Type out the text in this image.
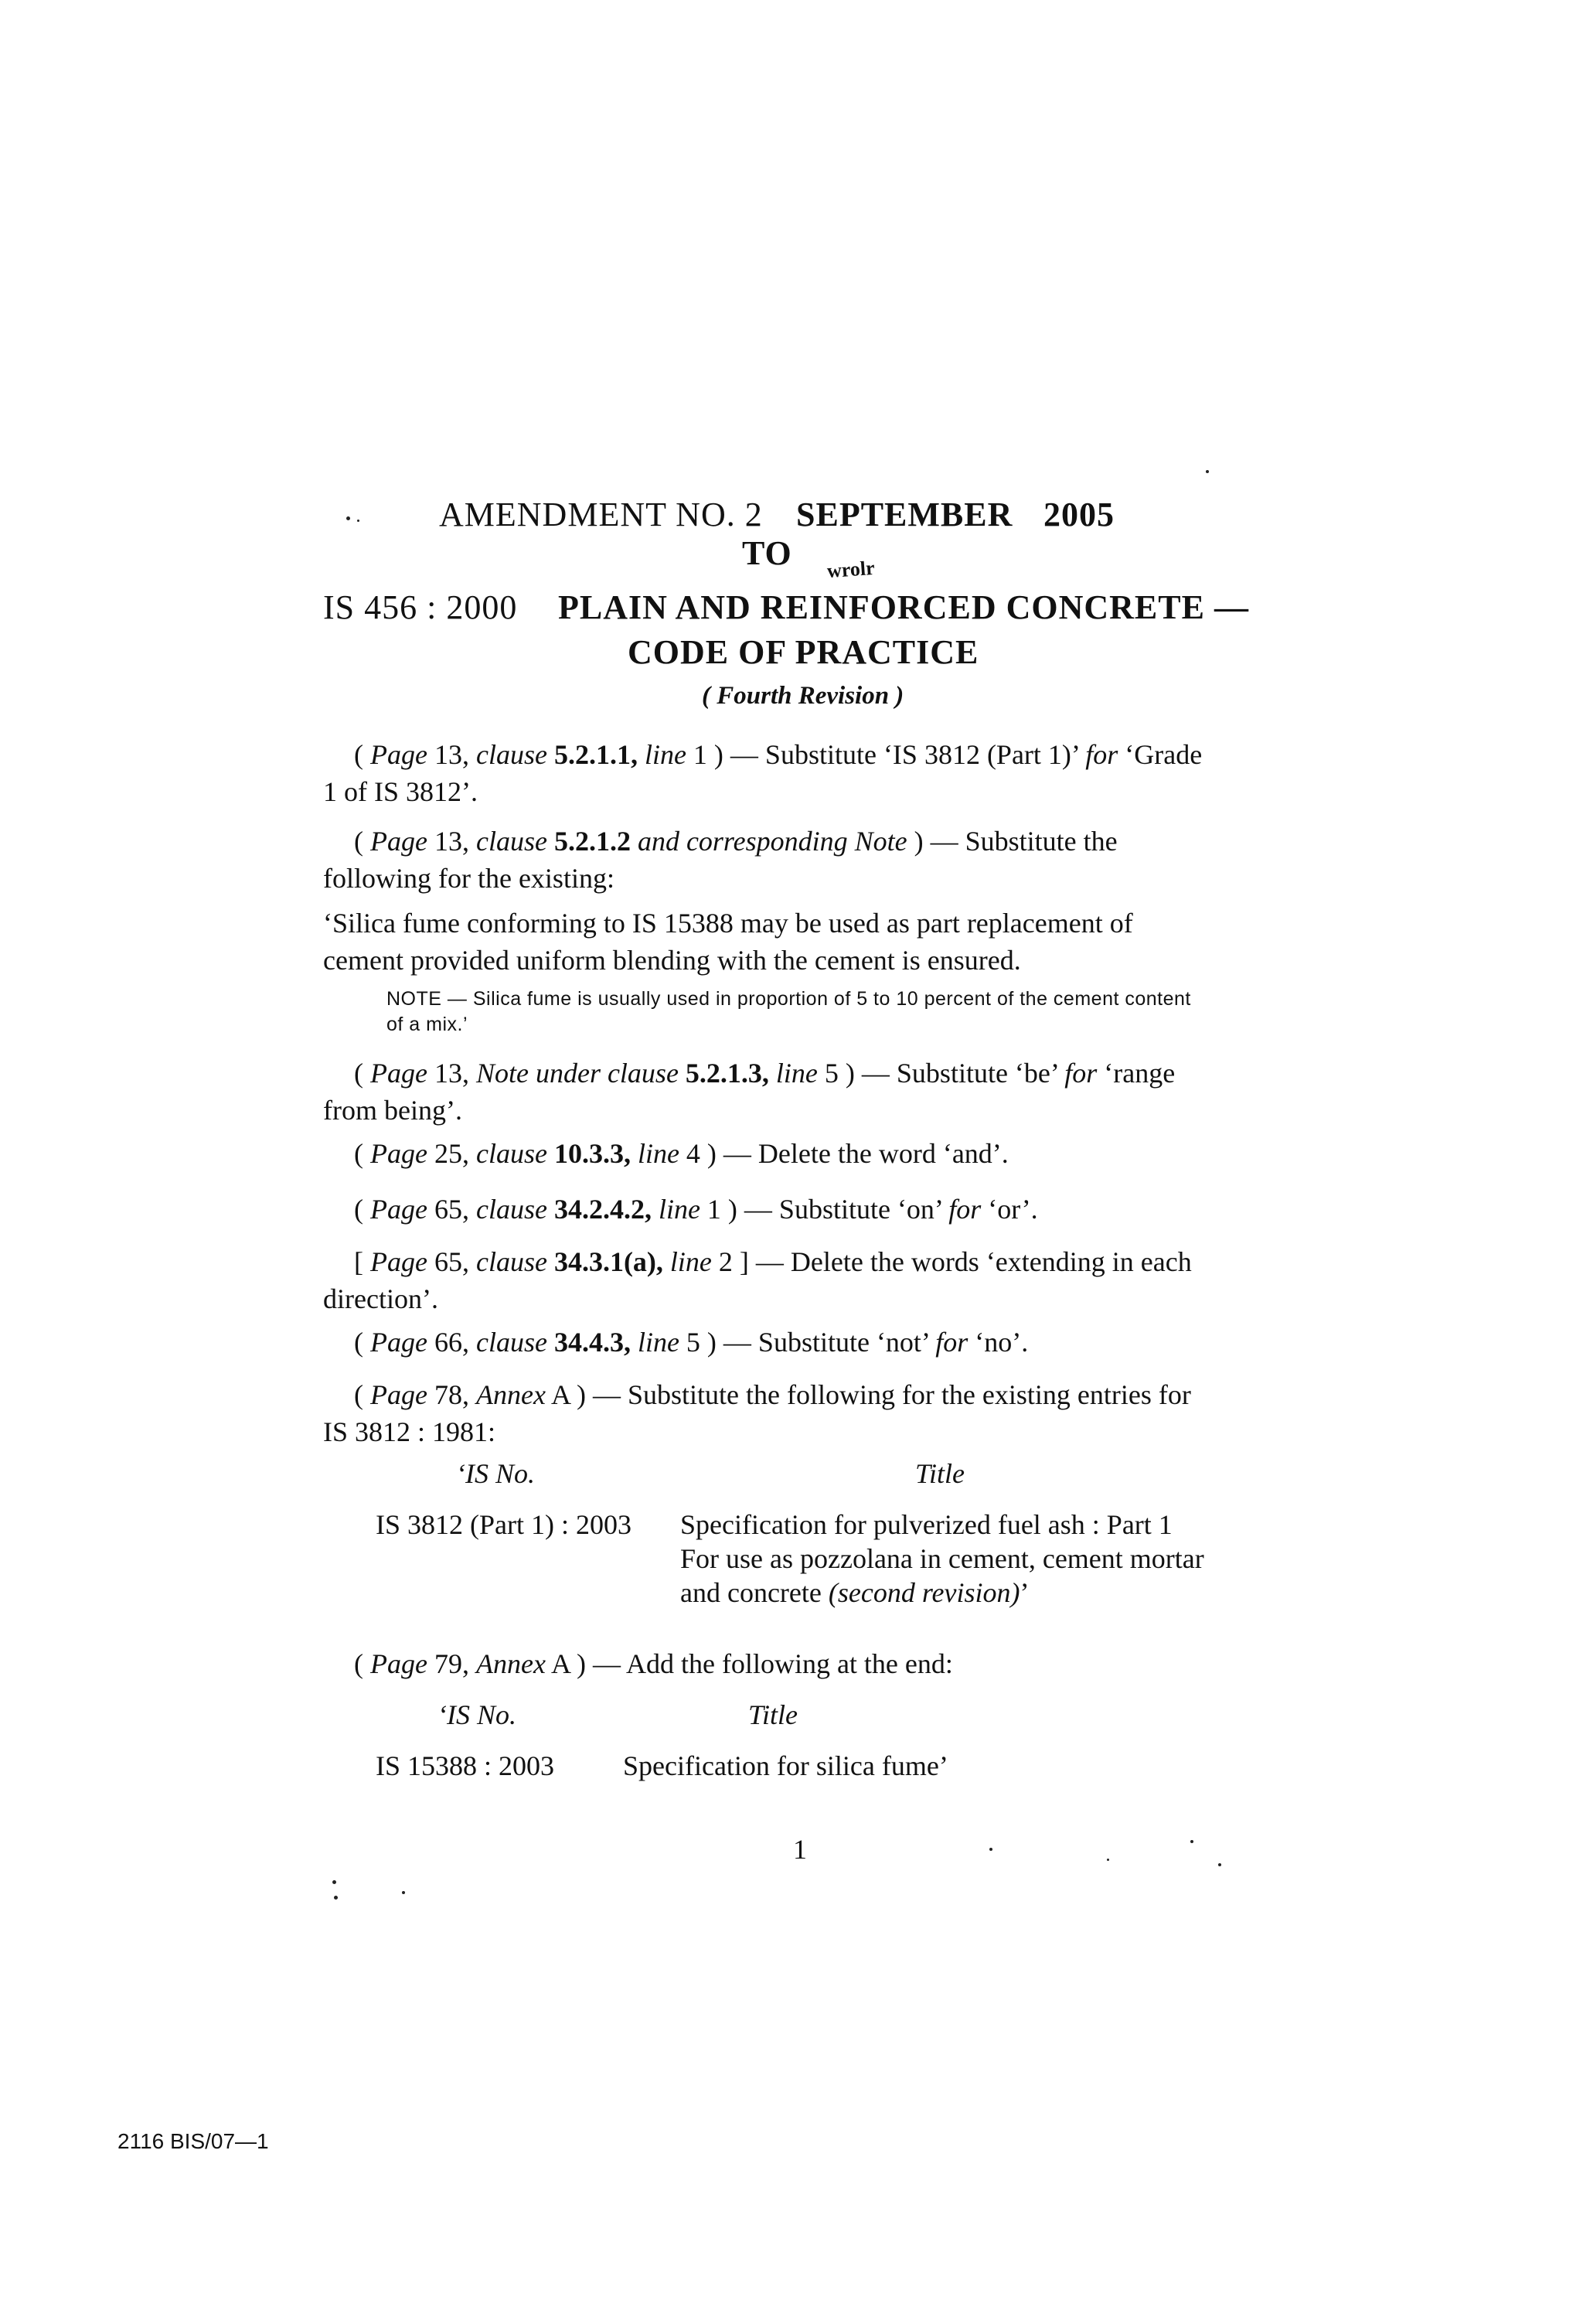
AMENDMENT NO. 2 SEPTEMBER 2005
TO wrolr
IS 456 : 2000 PLAIN AND REINFORCED CONCRETE —
CODE OF PRACTICE
( Fourth Revision )
( Page 13, clause 5.2.1.1, line 1 ) — Substitute ‘IS 3812 (Part 1)’ for ‘Grade 1 of IS 3812’.
( Page 13, clause 5.2.1.2 and corresponding Note ) — Substitute the following for the existing:
‘Silica fume conforming to IS 15388 may be used as part replacement of cement provided uniform blending with the cement is ensured.
NOTE — Silica fume is usually used in proportion of 5 to 10 percent of the cement content of a mix.’
( Page 13, Note under clause 5.2.1.3, line 5 ) — Substitute ‘be’ for ‘range from being’.
( Page 25, clause 10.3.3, line 4 ) — Delete the word ‘and’.
( Page 65, clause 34.2.4.2, line 1 ) — Substitute ‘on’ for ‘or’.
[ Page 65, clause 34.3.1(a), line 2 ] — Delete the words ‘extending in each direction’.
( Page 66, clause 34.4.3, line 5 ) — Substitute ‘not’ for ‘no’.
( Page 78, Annex A ) — Substitute the following for the existing entries for IS 3812 : 1981:
‘IS No.	Title
IS 3812 (Part 1) : 2003 Specification for pulverized fuel ash : Part 1 For use as pozzolana in cement, cement mortar and concrete (second revision)’
( Page 79, Annex A ) — Add the following at the end:
‘IS No.	Title
IS 15388 : 2003 Specification for silica fume’
1
2116 BIS/07—1
